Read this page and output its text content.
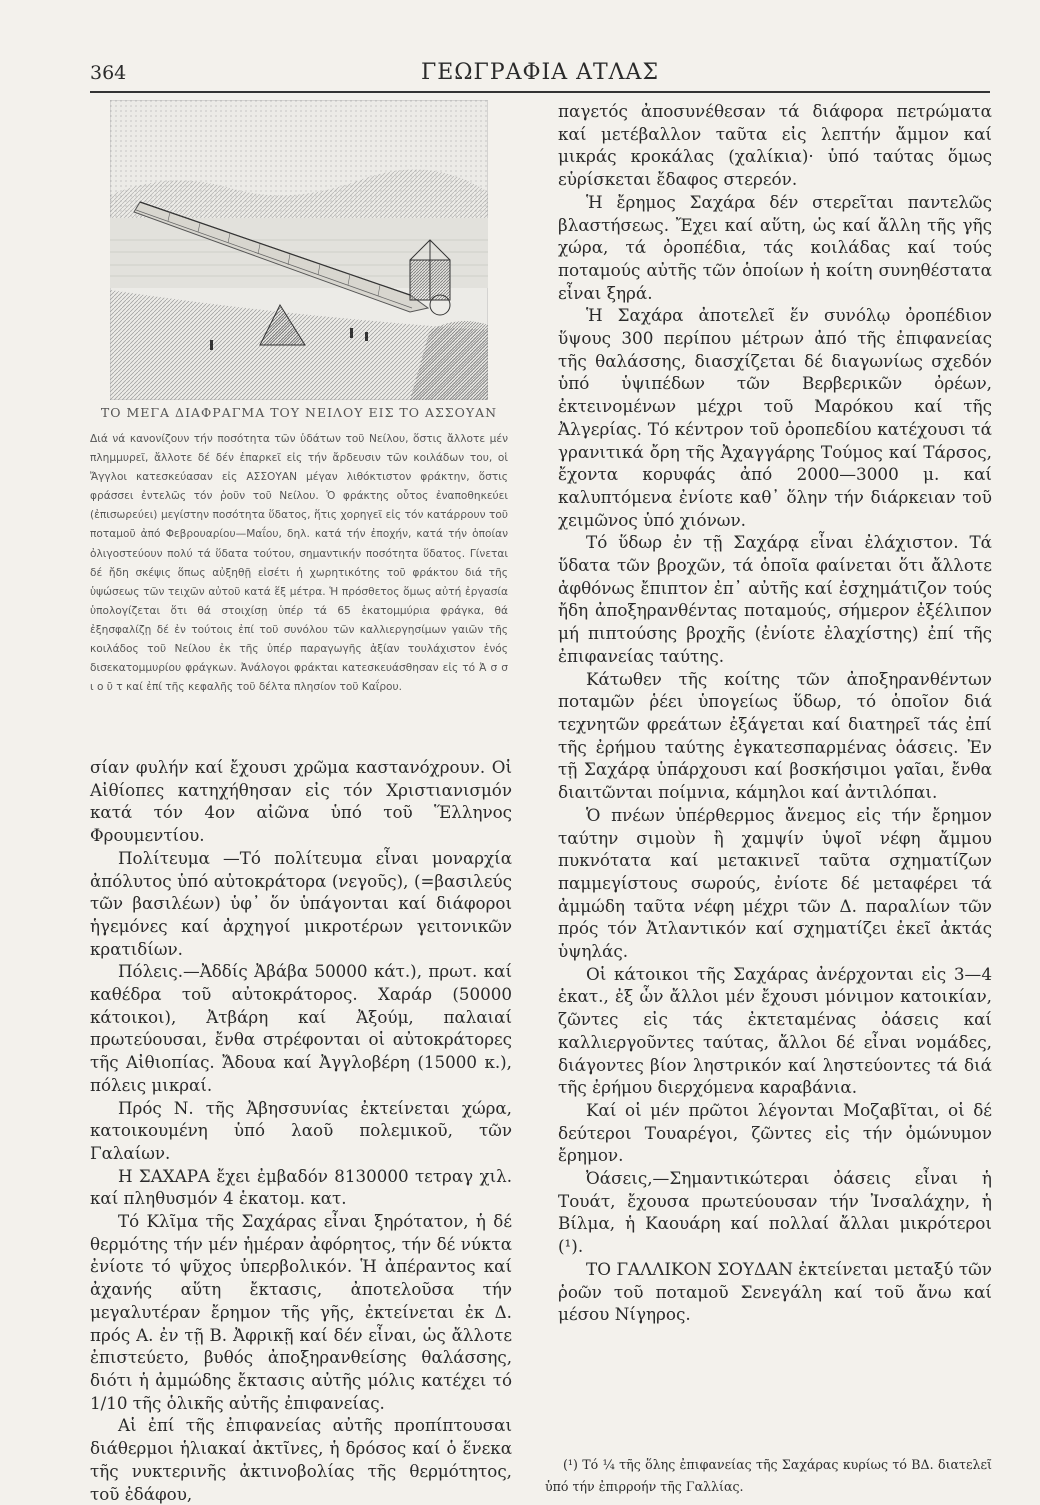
364	ΓΕΩΓΡΑΦΙΑ ΑΤΛΑΣ

ΤΟ ΜΕΓΑ ΔΙΑΦΡΑΓΜΑ ΤΟΥ ΝΕΙΛΟΥ ΕΙΣ ΤΟ ΑΣΣΟΥΑΝ

Διά νά κανονίζουν τήν ποσότητα τῶν ὑδάτων τοῦ Νείλου, ὅστις ἄλλοτε μέν πλημμυρεῖ, ἄλλοτε δέ δέν ἐπαρκεῖ εἰς τήν ἄρδευσιν τῶν κοιλάδων του, οἱ Ἄγγλοι κατεσκεύασαν εἰς ΑΣΣΟΥΑΝ μέγαν λιθόκτιστον φράκτην, ὅστις φράσσει ἐντελῶς τόν ῥοῦν τοῦ Νείλου. Ὁ φράκτης οὗτος ἐναποθηκεύει (ἐπισωρεύει) μεγίστην ποσότητα ὕδατος, ἥτις χορηγεῖ εἰς τόν κατάρρουν τοῦ ποταμοῦ ἀπό Φεβρουαρίου—Μαΐου, δηλ. κατά τήν ἐποχήν, κατά τήν ὁποίαν ὀλιγοστεύουν πολύ τά ὕδατα τούτου, σημαντικήν ποσότητα ὕδατος. Γίνεται δέ ἤδη σκέψις ὅπως αὐξηθῇ εἰσέτι ἡ χωρητικότης τοῦ φράκτου διά τῆς ὑψώσεως τῶν τειχῶν αὐτοῦ κατά ἕξ μέτρα. Ἡ πρόσθετος ὅμως αὐτή ἐργασία ὑπολογίζεται ὅτι θά στοιχίσῃ ὑπέρ τά 65 ἑκατομμύρια φράγκα, θά ἐξησφαλίζῃ δέ ἐν τούτοις ἐπί τοῦ συνόλου τῶν καλλιεργησίμων γαιῶν τῆς κοιλάδος τοῦ Νείλου ἐκ τῆς ὑπέρ παραγωγῆς ἀξίαν τουλάχιστον ἑνός δισεκατομμυρίου φράγκων. Ἀνάλογοι φράκται κατεσκευάσθησαν εἰς τό Ἀ σ σ ι ο ῦ τ καί ἐπί τῆς κεφαλῆς τοῦ δέλτα πλησίον τοῦ Καΐρου.

σίαν φυλήν καί ἔχουσι χρῶμα καστανόχρουν. Οἱ Αἰθίοπες κατηχήθησαν εἰς τόν Χριστιανισμόν κατά τόν 4ον αἰῶνα ὑπό τοῦ Ἕλληνος Φρουμεντίου.

Πολίτευμα —Τό πολίτευμα εἶναι μοναρχία ἀπόλυτος ὑπό αὐτοκράτορα (νεγοῦς), (=βασιλεύς τῶν βασιλέων) ὑφ᾽ ὅν ὑπάγονται καί διάφοροι ἡγεμόνες καί ἀρχηγοί μικροτέρων γειτονικῶν κρατιδίων.

Πόλεις.—Ἀδδίς Ἀβάβα 50000 κάτ.), πρωτ. καί καθέδρα τοῦ αὐτοκράτορος. Χαράρ (50000 κάτοικοι), Ἀτβάρη καί Ἀξούμ, παλαιαί πρωτεύουσαι, ἔνθα στρέφονται οἱ αὐτοκράτορες τῆς Αἰθιοπίας. Ἄδουα καί Ἀγγλοβέρη (15000 κ.), πόλεις μικραί.

Πρός Ν. τῆς Ἀβησσυνίας ἐκτείνεται χώρα, κατοικουμένη ὑπό λαοῦ πολεμικοῦ, τῶν Γαλαίων.

Η ΣΑΧΑΡΑ ἔχει ἐμβαδόν 8130000 τετραγ χιλ. καί πληθυσμόν 4 ἑκατομ. κατ.

Τό Κλῖμα τῆς Σαχάρας εἶναι ξηρότατον, ἡ δέ θερμότης τήν μέν ἡμέραν ἀφόρητος, τήν δέ νύκτα ἐνίοτε τό ψῦχος ὑπερβολικόν. Ἡ ἀπέραντος καί ἀχανής αὕτη ἔκτασις, ἀποτελοῦσα τήν μεγαλυτέραν ἔρημον τῆς γῆς, ἐκτείνεται ἐκ Δ. πρός Α. ἐν τῇ Β. Ἀφρικῇ καί δέν εἶναι, ὡς ἄλλοτε ἐπιστεύετο, βυθός ἀποξηρανθείσης θαλάσσης, διότι ἡ ἀμμώδης ἔκτασις αὐτῆς μόλις κατέχει τό 1/10 τῆς ὁλικῆς αὐτῆς ἐπιφανείας.

Αἱ ἐπί τῆς ἐπιφανείας αὐτῆς προπίπτουσαι διάθερμοι ἡλιακαί ἀκτῖνες, ἡ δρόσος καί ὁ ἕνεκα τῆς νυκτερινῆς ἀκτινοβολίας τῆς θερμότητος, τοῦ ἐδάφου,

παγετός ἀποσυνέθεσαν τά διάφορα πετρώματα καί μετέβαλλον ταῦτα εἰς λεπτήν ἄμμον καί μικράς κροκάλας (χαλίκια)· ὑπό ταύτας ὅμως εὑρίσκεται ἔδαφος στερεόν.

Ἡ ἔρημος Σαχάρα δέν στερεῖται παντελῶς βλαστήσεως. Ἔχει καί αὕτη, ὡς καί ἄλλη τῆς γῆς χώρα, τά ὀροπέδια, τάς κοιλάδας καί τούς ποταμούς αὐτῆς τῶν ὁποίων ἡ κοίτη συνηθέστατα εἶναι ξηρά.

Ἡ Σαχάρα ἀποτελεῖ ἕν συνόλῳ ὀροπέδιον ὕψους 300 περίπου μέτρων ἀπό τῆς ἐπιφανείας τῆς θαλάσσης, διασχίζεται δέ διαγωνίως σχεδόν ὑπό ὑψιπέδων τῶν Βερβερικῶν ὀρέων, ἐκτεινομένων μέχρι τοῦ Μαρόκου καί τῆς Ἀλγερίας. Τό κέντρον τοῦ ὀροπεδίου κατέχουσι τά γρανιτικά ὄρη τῆς Ἀχαγγάρης Τούμος καί Τάρσος, ἔχοντα κορυφάς ἀπό 2000—3000 μ. καί καλυπτόμενα ἐνίοτε καθ᾽ ὅλην τήν διάρκειαν τοῦ χειμῶνος ὑπό χιόνων.

Τό ὕδωρ ἐν τῇ Σαχάρᾳ εἶναι ἐλάχιστον. Τά ὕδατα τῶν βροχῶν, τά ὁποῖα φαίνεται ὅτι ἄλλοτε ἀφθόνως ἔπιπτον ἐπ᾽ αὐτῆς καί ἐσχημάτιζον τούς ἤδη ἀποξηρανθέντας ποταμούς, σήμερον ἐξέλιπον μή πιπτούσης βροχῆς (ἐνίοτε ἐλαχίστης) ἐπί τῆς ἐπιφανείας ταύτης.

Κάτωθεν τῆς κοίτης τῶν ἀποξηρανθέντων ποταμῶν ῥέει ὑπογείως ὕδωρ, τό ὁποῖον διά τεχνητῶν φρεάτων ἐξάγεται καί διατηρεῖ τάς ἐπί τῆς ἐρήμου ταύτης ἐγκατεσπαρμένας ὀάσεις. Ἐν τῇ Σαχάρᾳ ὑπάρχουσι καί βοσκήσιμοι γαῖαι, ἔνθα διαιτῶνται ποίμνια, κάμηλοι καί ἀντιλόπαι.

Ὁ πνέων ὑπέρθερμος ἄνεμος εἰς τήν ἔρημον ταύτην σιμοὺν ἢ χαμψίν ὑψοῖ νέφη ἄμμου πυκνότατα καί μετακινεῖ ταῦτα σχηματίζων παμμεγίστους σωρούς, ἐνίοτε δέ μεταφέρει τά ἀμμώδη ταῦτα νέφη μέχρι τῶν Δ. παραλίων τῶν πρός τόν Ἀτλαντικόν καί σχηματίζει ἐκεῖ ἀκτάς ὑψηλάς.

Οἱ κάτοικοι τῆς Σαχάρας ἀνέρχονται εἰς 3—4 ἑκατ., ἐξ ὧν ἄλλοι μέν ἔχουσι μόνιμον κατοικίαν, ζῶντες εἰς τάς ἐκτεταμένας ὀάσεις καί καλλιεργοῦντες ταύτας, ἄλλοι δέ εἶναι νομάδες, διάγοντες βίον ληστρικόν καί ληστεύοντες τά διά τῆς ἐρήμου διερχόμενα καραβάνια.

Καί οἱ μέν πρῶτοι λέγονται Μοζαβῖται, οἱ δέ δεύτεροι Τουαρέγοι, ζῶντες εἰς τήν ὁμώνυμον ἔρημον.

Ὀάσεις,—Σημαντικώτεραι ὀάσεις εἶναι ἡ Τουάτ, ἔχουσα πρωτεύουσαν τήν Ἰνσαλάχην, ἡ Βίλμα, ἡ Καουάρη καί πολλαί ἄλλαι μικρότεροι (¹).

ΤΟ ΓΑΛΛΙΚΟΝ ΣΟΥΔΑΝ ἐκτείνεται μεταξύ τῶν ῥοῶν τοῦ ποταμοῦ Σενεγάλη καί τοῦ ἄνω καί μέσου Νίγηρος.

(¹) Τό ¼ τῆς ὅλης ἐπιφανείας τῆς Σαχάρας κυρίως τό ΒΔ. διατελεῖ ὑπό τήν ἐπιρροήν τῆς Γαλλίας.
